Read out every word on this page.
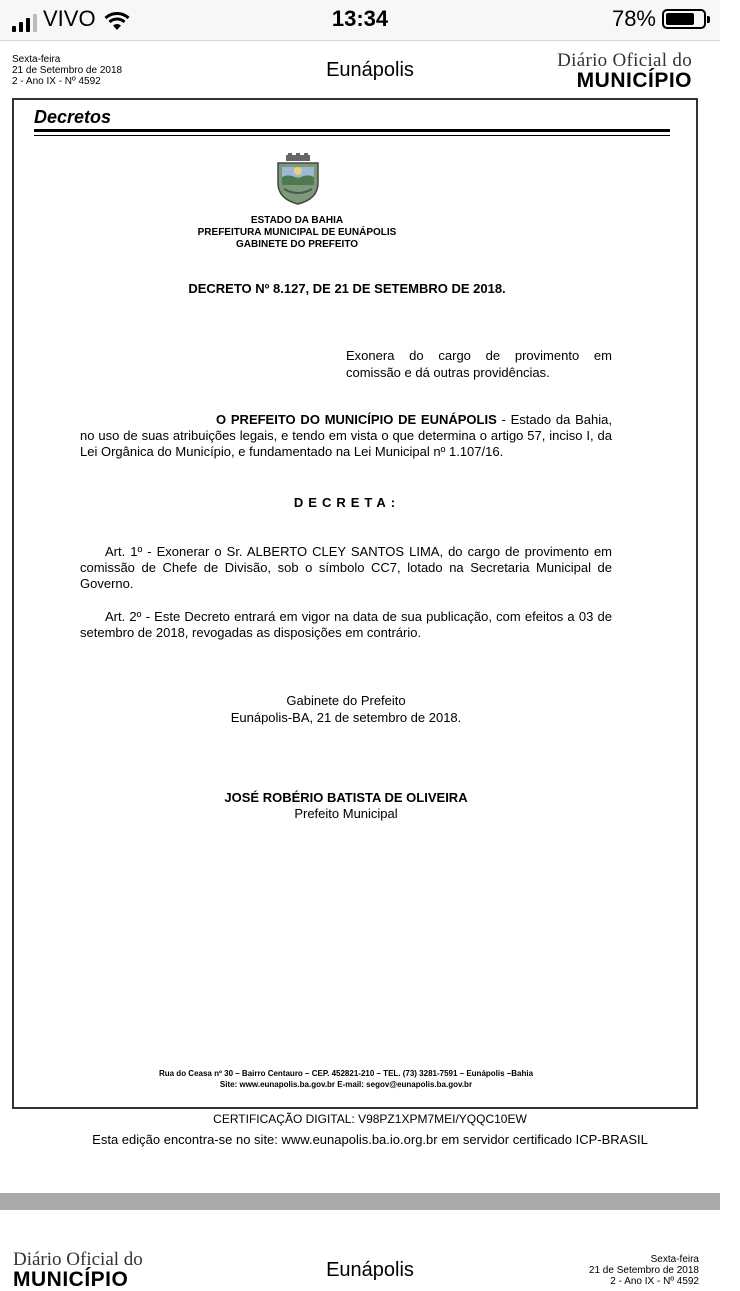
VIVO	13:34	78%
Sexta-feira
21 de Setembro de 2018
2 - Ano IX - Nº 4592
Eunápolis	Diário Oficial do
MUNICÍPIO
Decretos
ESTADO DA BAHIA
PREFEITURA MUNICIPAL DE EUNÁPOLIS
GABINETE DO PREFEITO
DECRETO Nº 8.127, DE 21 DE SETEMBRO DE 2018.
Exonera do cargo de provimento em comissão e dá outras providências.
O PREFEITO DO MUNICÍPIO DE EUNÁPOLIS - Estado da Bahia, no uso de suas atribuições legais, e tendo em vista o que determina o artigo 57, inciso I, da Lei Orgânica do Município, e fundamentado na Lei Municipal nº 1.107/16.
DECRETA:
Art. 1º - Exonerar o Sr. ALBERTO CLEY SANTOS LIMA, do cargo de provimento em comissão de Chefe de Divisão, sob o símbolo CC7, lotado na Secretaria Municipal de Governo.
Art. 2º - Este Decreto entrará em vigor na data de sua publicação, com efeitos a 03 de setembro de 2018, revogadas as disposições em contrário.
Gabinete do Prefeito
Eunápolis-BA, 21 de setembro de 2018.
JOSÉ ROBÉRIO BATISTA DE OLIVEIRA
Prefeito Municipal
Rua do Ceasa nº 30 – Bairro Centauro – CEP. 452821-210 – TEL. (73) 3281-7591 – Eunápolis –Bahia
Site: www.eunapolis.ba.gov.br E-mail: segov@eunapolis.ba.gov.br
CERTIFICAÇÃO DIGITAL: V98PZ1XPM7MEI/YQQC10EW
Esta edição encontra-se no site: www.eunapolis.ba.io.org.br em servidor certificado ICP-BRASIL
Diário Oficial do
MUNICÍPIO	Eunápolis	Sexta-feira
21 de Setembro de 2018
2 - Ano IX - Nº 4592
